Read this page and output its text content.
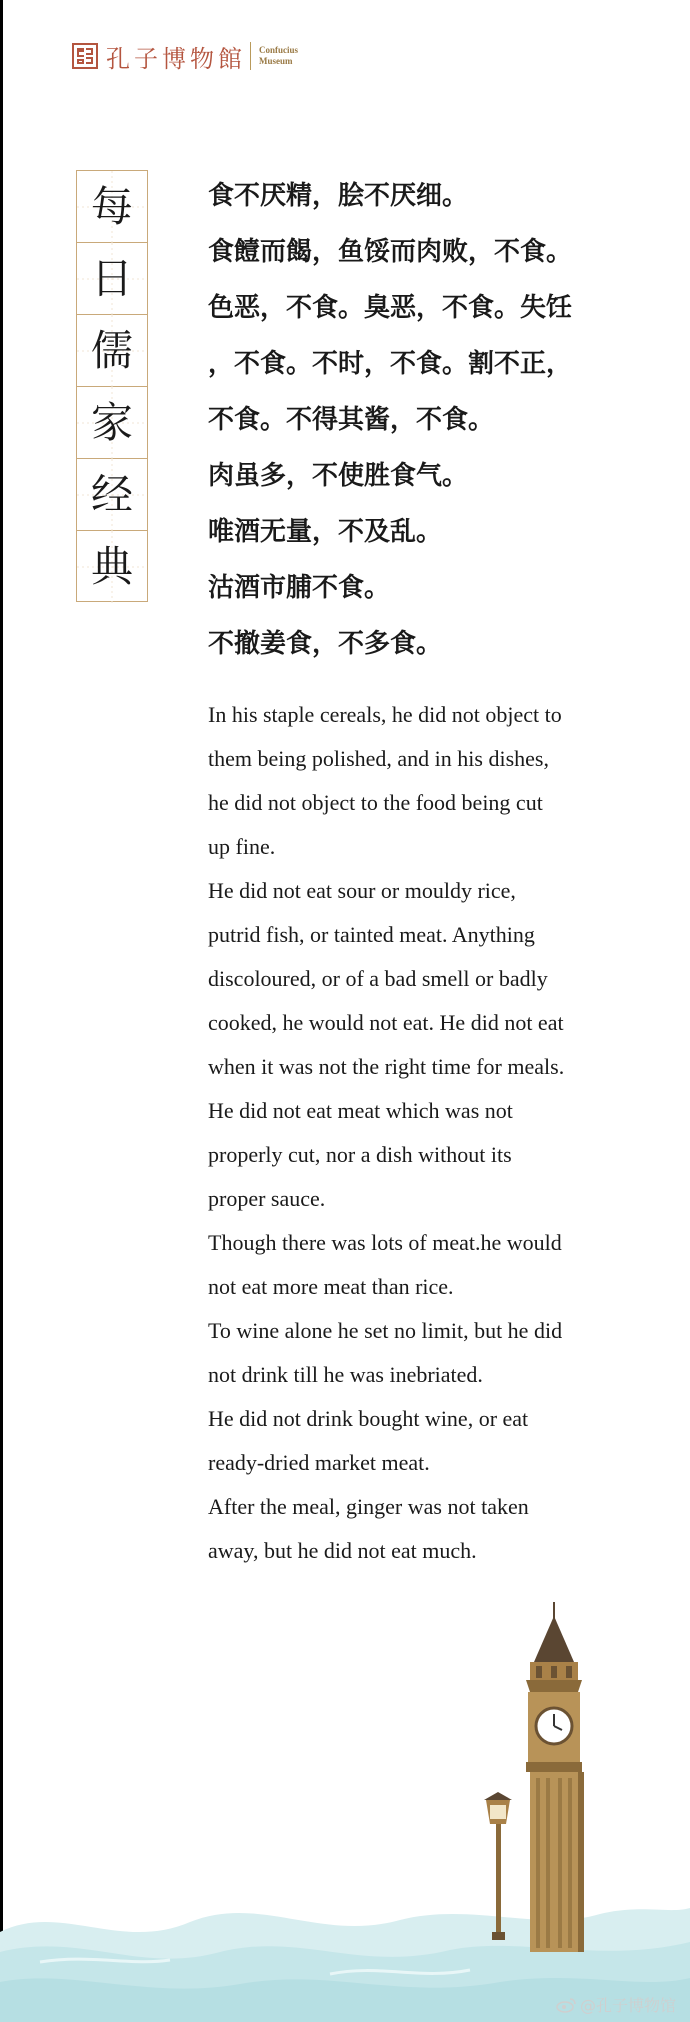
孔子博物館 Confucius
Museum
每
日
儒
家
经
典
食不厌精，脍不厌细。
食饐而餲，鱼馁而肉败，不食。
色恶，不食。臭恶，不食。失饪
，不食。不时，不食。割不正，
不食。不得其酱，不食。
肉虽多，不使胜食气。
唯酒无量，不及乱。
沽酒市脯不食。
不撤姜食，不多食。
In his staple cereals, he did not object to
them being polished, and in his dishes,
he did not object to the food being cut
up fine.
He did not eat sour or mouldy rice,
putrid fish, or tainted meat. Anything
discoloured, or of a bad smell or badly
cooked, he would not eat. He did not eat
when it was not the right time for meals.
He did not eat meat which was not
properly cut, nor a dish without its
proper sauce.
Though there was lots of meat.he would
not eat more meat than rice.
To wine alone he set no limit, but he did
not drink till he was inebriated.
He did not drink bought wine, or eat
ready-dried market meat.
After the meal, ginger was not taken
away, but he did not eat much.
@孔子博物馆
